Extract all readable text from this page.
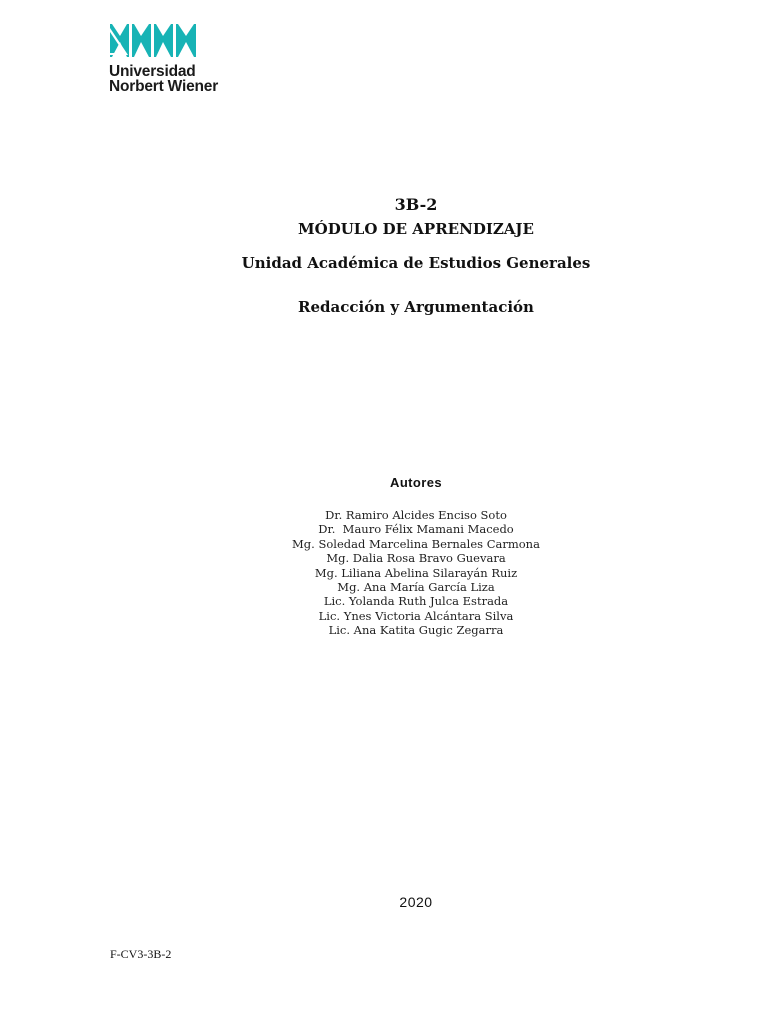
Universidad
Norbert Wiener
3B-2
MÓDULO DE APRENDIZAJE
Unidad Académica de Estudios Generales
Redacción y Argumentación
Autores
Dr. Ramiro Alcides Enciso Soto
Dr.  Mauro Félix Mamani Macedo
Mg. Soledad Marcelina Bernales Carmona
Mg. Dalia Rosa Bravo Guevara
Mg. Liliana Abelina Silarayán Ruiz
Mg. Ana María García Liza
Lic. Yolanda Ruth Julca Estrada
Lic. Ynes Victoria Alcántara Silva
Lic. Ana Katita Gugic Zegarra
2020
F-CV3-3B-2
